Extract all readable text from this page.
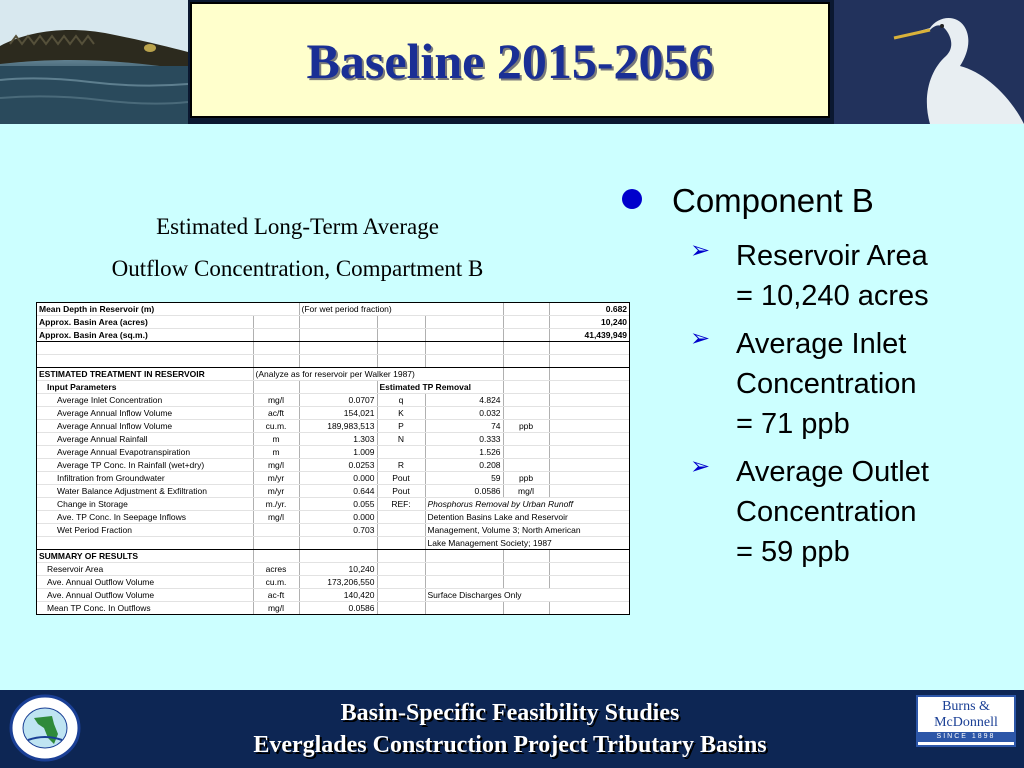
Baseline 2015-2056
Estimated Long-Term Average
Outflow Concentration, Compartment B
Mean Depth in Reservoir (m)		(For wet period fraction)				0.682
Approx. Basin Area (acres)						10,240
Approx. Basin Area (sq.m.)						41,439,949

ESTIMATED TREATMENT IN RESERVOIR	(Analyze as for reservoir per Walker 1987)					
Input Parameters			Estimated TP Removal			
Average Inlet Concentration	mg/l	0.0707	q	4.824		
Average Annual Inflow Volume	ac/ft	154,021	K	0.032		
Average Annual Inflow Volume	cu.m.	189,983,513	P	74	ppb	
Average Annual Rainfall	m	1.303	N	0.333		
Average Annual Evapotranspiration	m	1.009		1.526		
Average TP Conc. In Rainfall (wet+dry)	mg/l	0.0253	R	0.208		
Infiltration from Groundwater	m/yr	0.000	Pout	59	ppb	
Water Balance Adjustment & Exfiltration	m/yr	0.644	Pout	0.0586	mg/l	
Change in Storage	m./yr.	0.055	REF:	Phosphorus Removal by Urban Runoff		
Ave. TP Conc. In Seepage Inflows	mg/l	0.000		Detention Basins Lake and Reservoir		
Wet Period Fraction		0.703		Management, Volume 3; North American		
				Lake Management Society; 1987		
SUMMARY OF RESULTS						
Reservoir Area	acres	10,240				
Ave. Annual Outflow Volume	cu.m.	173,206,550				
Ave. Annual Outflow Volume	ac-ft	140,420		Surface Discharges Only		
Mean TP Conc. In Outflows	mg/l	0.0586				
Component B
➢ Reservoir Area
= 10,240 acres
➢ Average Inlet
Concentration
= 71 ppb
➢ Average Outlet
Concentration
= 59 ppb
Basin-Specific Feasibility Studies
Everglades Construction Project Tributary Basins
Burns &
McDonnell
SINCE 1898
